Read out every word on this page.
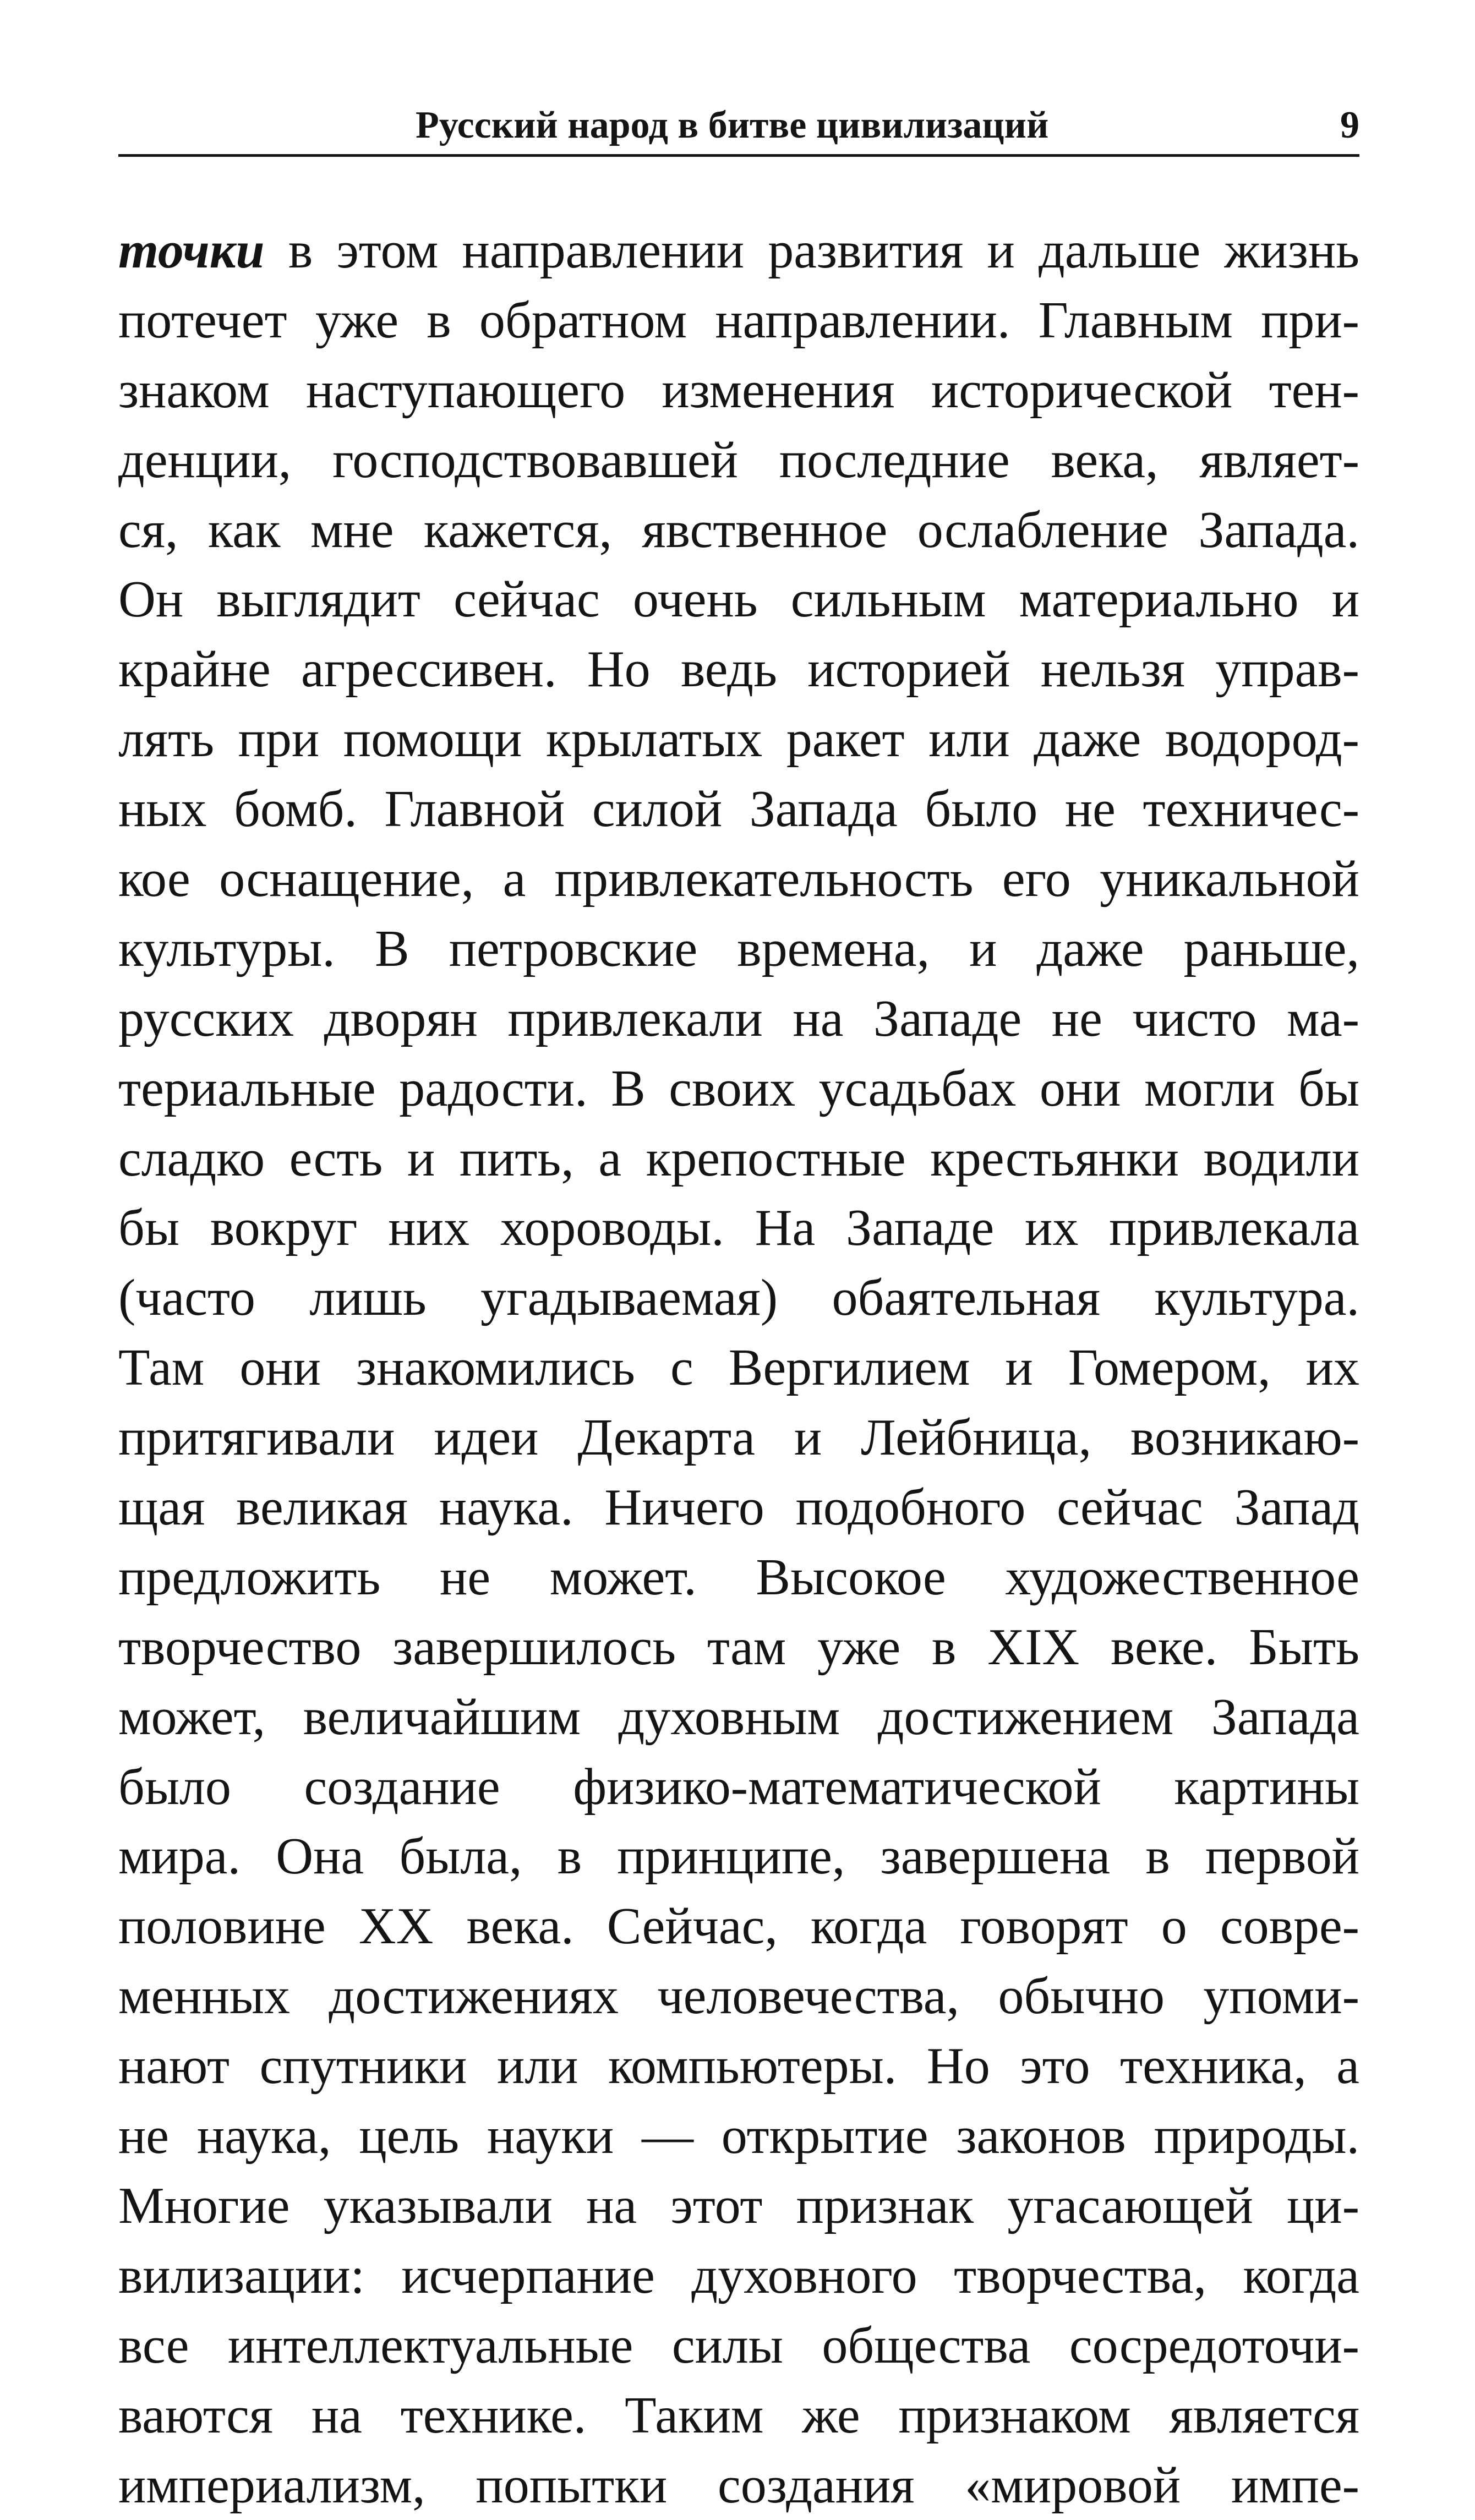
Русский народ в битве цивилизаций	9
точки в этом направлении развития и дальше жизнь
потечет уже в обратном направлении. Главным при-
знаком наступающего изменения исторической тен-
денции, господствовавшей последние века, являет-
ся, как мне кажется, явственное ослабление Запада.
Он выглядит сейчас очень сильным материально и
крайне агрессивен. Но ведь историей нельзя управ-
лять при помощи крылатых ракет или даже водород-
ных бомб. Главной силой Запада было не техничес-
кое оснащение, а привлекательность его уникальной
культуры. В петровские времена, и даже раньше,
русских дворян привлекали на Западе не чисто ма-
териальные радости. В своих усадьбах они могли бы
сладко есть и пить, а крепостные крестьянки водили
бы вокруг них хороводы. На Западе их привлекала
(часто лишь угадываемая) обаятельная культура.
Там они знакомились с Вергилием и Гомером, их
притягивали идеи Декарта и Лейбница, возникаю-
щая великая наука. Ничего подобного сейчас Запад
предложить не может. Высокое художественное
творчество завершилось там уже в XIX веке. Быть
может, величайшим духовным достижением Запада
было создание физико-математической картины
мира. Она была, в принципе, завершена в первой
половине XX века. Сейчас, когда говорят о совре-
менных достижениях человечества, обычно упоми-
нают спутники или компьютеры. Но это техника, а
не наука, цель науки — открытие законов природы.
Многие указывали на этот признак угасающей ци-
вилизации: исчерпание духовного творчества, когда
все интеллектуальные силы общества сосредоточи-
ваются на технике. Таким же признаком является
империализм, попытки создания «мировой импе-
